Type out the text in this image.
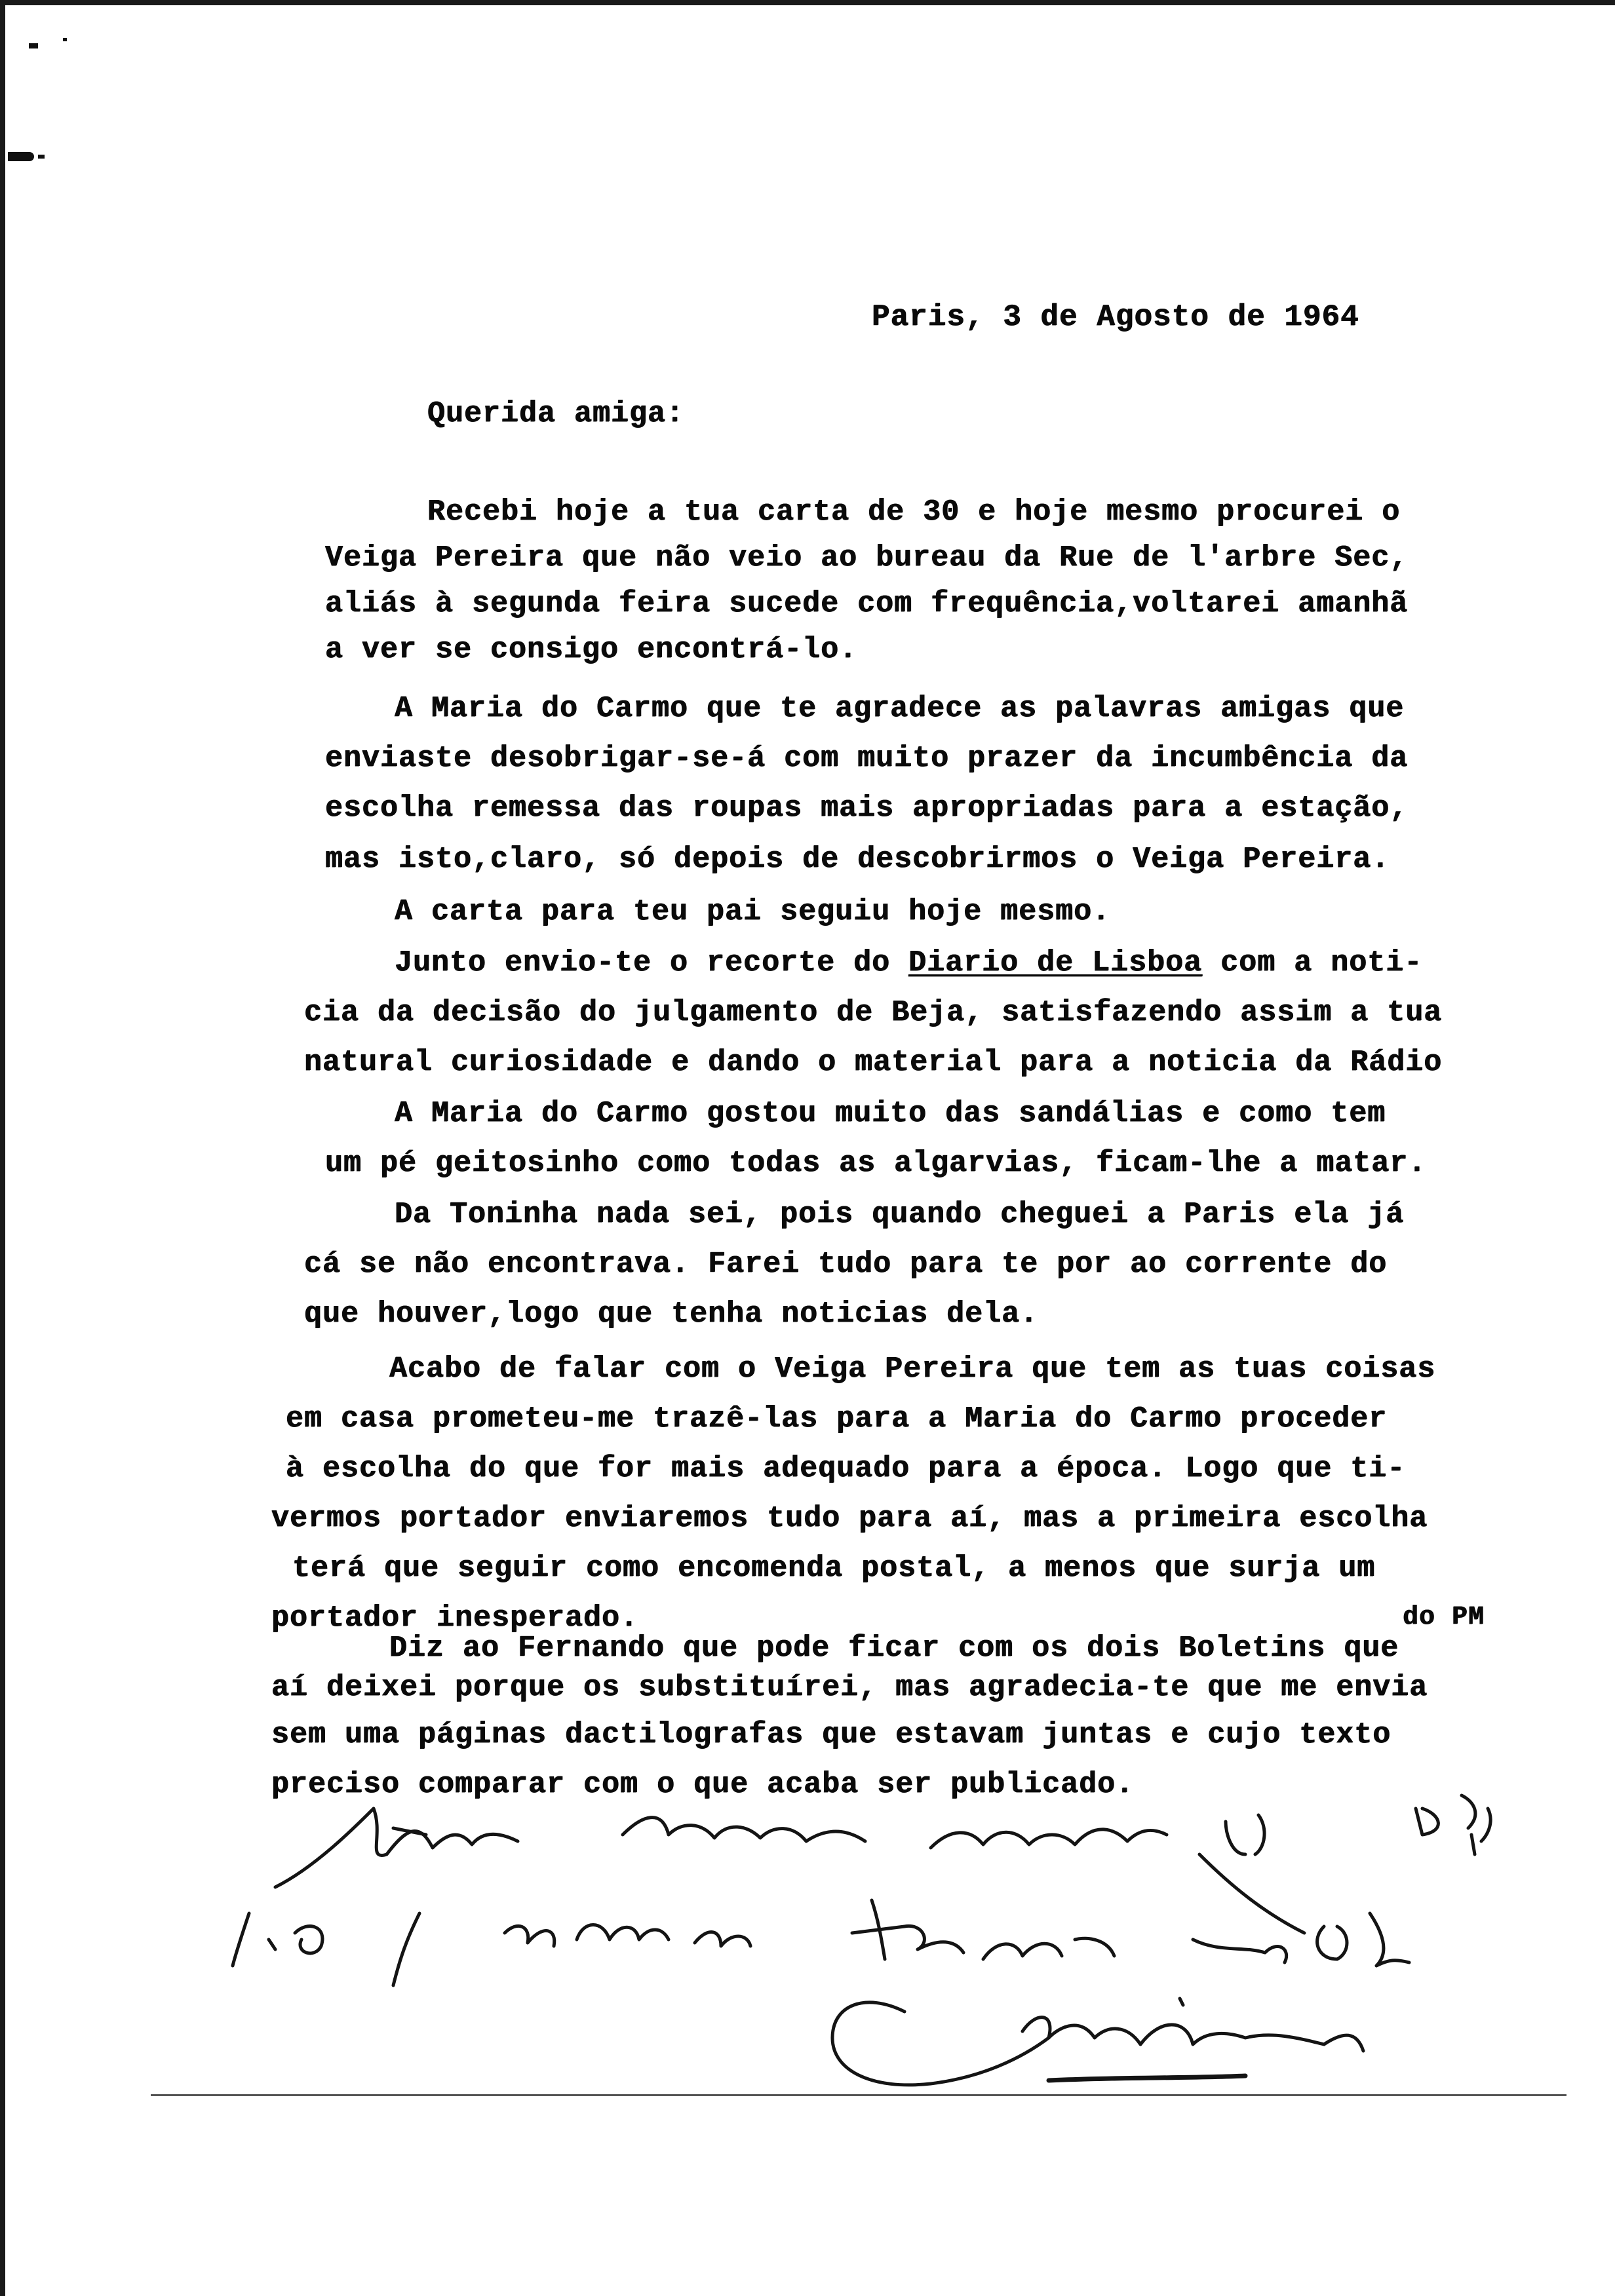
Paris, 3 de Agosto de 1964
Querida amiga:
Recebi hoje a tua carta de 30 e hoje mesmo procurei o
Veiga Pereira que não veio ao bureau da Rue de l'arbre Sec,
aliás à segunda feira sucede com frequência,voltarei amanhã
a ver se consigo encontrá-lo.
A Maria do Carmo que te agradece as palavras amigas que
enviaste desobrigar-se-á com muito prazer da incumbência da
escolha remessa das roupas mais apropriadas para a estação,
mas isto,claro, só depois de descobrirmos o Veiga Pereira.
A carta para teu pai seguiu hoje mesmo.
Junto envio-te o recorte do Diario de Lisboa com a noti-
cia da decisão do julgamento de Beja, satisfazendo assim a tua
natural curiosidade e dando o material para a noticia da Rádio
A Maria do Carmo gostou muito das sandálias e como tem
um pé geitosinho como todas as algarvias, ficam-lhe a matar.
Da Toninha nada sei, pois quando cheguei a Paris ela já
cá se não encontrava. Farei tudo para te por ao corrente do
que houver,logo que tenha noticias dela.
Acabo de falar com o Veiga Pereira que tem as tuas coisas
em casa prometeu-me trazê-las para a Maria do Carmo proceder
à escolha do que for mais adequado para a época. Logo que ti-
vermos portador enviaremos tudo para aí, mas a primeira escolha
terá que seguir como encomenda postal, a menos que surja um
portador inesperado.	do PM
Diz ao Fernando que pode ficar com os dois Boletins que
aí deixei porque os substituírei, mas agradecia-te que me envia
sem uma páginas dactilografas que estavam juntas e cujo texto
preciso comparar com o que acaba ser publicado.
